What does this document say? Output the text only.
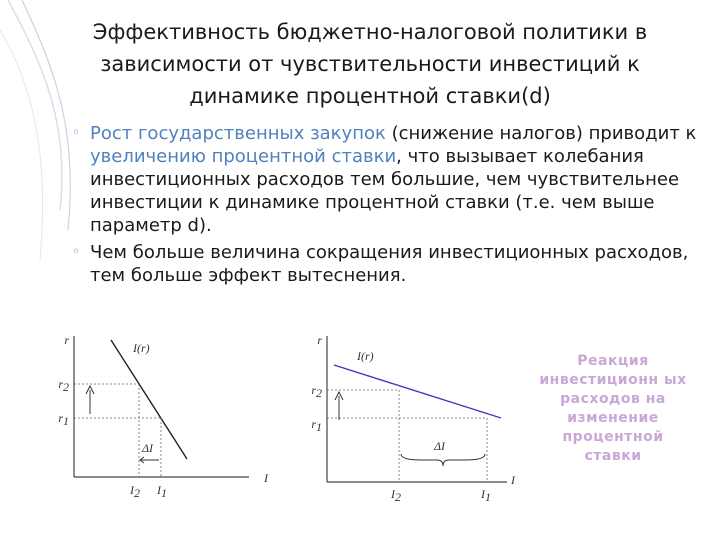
Эффективность бюджетно-налоговой политики в
зависимости от чувствительности инвестиций к
динамике процентной ставки(d)
◦ Рост государственных закупок (снижение налогов) приводит к увеличению процентной ставки, что вызывает колебания инвестиционных расходов тем большие, чем чувствительнее инвестиции к динамике процентной ставки (т.е. чем выше параметр d).
◦ Чем больше величина сокращения инвестиционных расходов, тем больше эффект вытеснения.
r
I
I(r)
r2
r1
ΔI
I2 I1
r
I
I(r)
r2
r1
ΔI
I2	I1
Реакция инвестиционн ых расходов на изменение процентной ставки
